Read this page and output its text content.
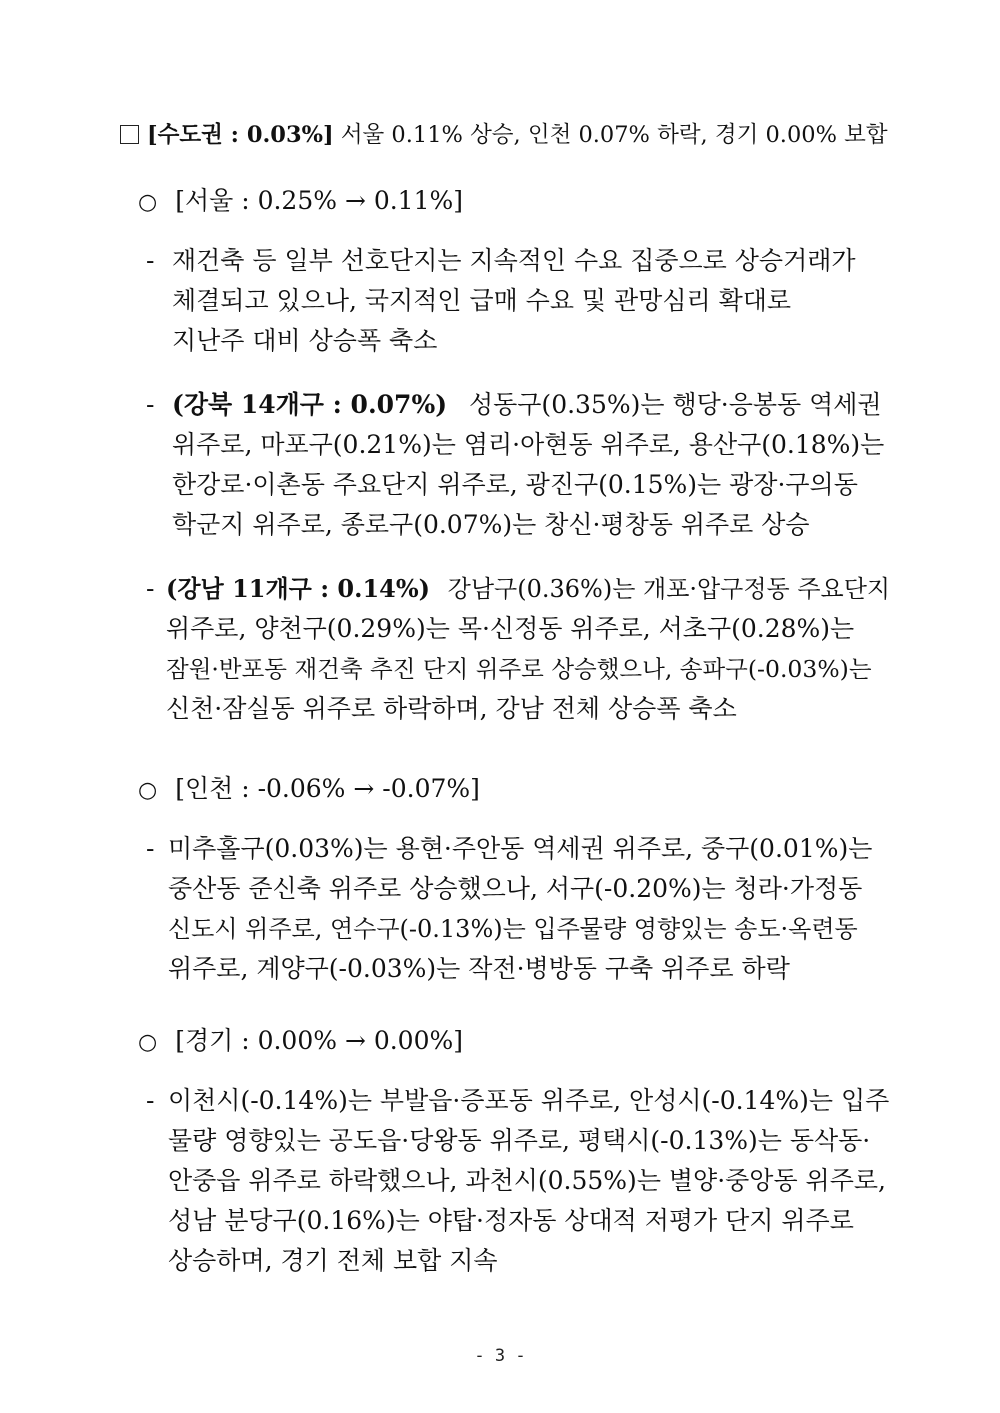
[수도권 : 0.03%] 서울 0.11% 상승, 인천 0.07% 하락, 경기 0.00% 보합
○ [서울 : 0.25% → 0.11%]
- 재건축 등 일부 선호단지는 지속적인 수요 집중으로 상승거래가
체결되고 있으나, 국지적인 급매 수요 및 관망심리 확대로
지난주 대비 상승폭 축소
- (강북 14개구 : 0.07%) 성동구(0.35%)는 행당·응봉동 역세권
위주로, 마포구(0.21%)는 염리·아현동 위주로, 용산구(0.18%)는
한강로·이촌동 주요단지 위주로, 광진구(0.15%)는 광장·구의동
학군지 위주로, 종로구(0.07%)는 창신·평창동 위주로 상승
- (강남 11개구 : 0.14%) 강남구(0.36%)는 개포·압구정동 주요단지
위주로, 양천구(0.29%)는 목·신정동 위주로, 서초구(0.28%)는
잠원·반포동 재건축 추진 단지 위주로 상승했으나, 송파구(-0.03%)는
신천·잠실동 위주로 하락하며, 강남 전체 상승폭 축소
○ [인천 : -0.06% → -0.07%]
- 미추홀구(0.03%)는 용현·주안동 역세권 위주로, 중구(0.01%)는
중산동 준신축 위주로 상승했으나, 서구(-0.20%)는 청라·가정동
신도시 위주로, 연수구(-0.13%)는 입주물량 영향있는 송도·옥련동
위주로, 계양구(-0.03%)는 작전·병방동 구축 위주로 하락
○ [경기 : 0.00% → 0.00%]
- 이천시(-0.14%)는 부발읍·증포동 위주로, 안성시(-0.14%)는 입주
물량 영향있는 공도읍·당왕동 위주로, 평택시(-0.13%)는 동삭동·
안중읍 위주로 하락했으나, 과천시(0.55%)는 별양·중앙동 위주로,
성남 분당구(0.16%)는 야탑·정자동 상대적 저평가 단지 위주로
상승하며, 경기 전체 보합 지속
- 3 -
